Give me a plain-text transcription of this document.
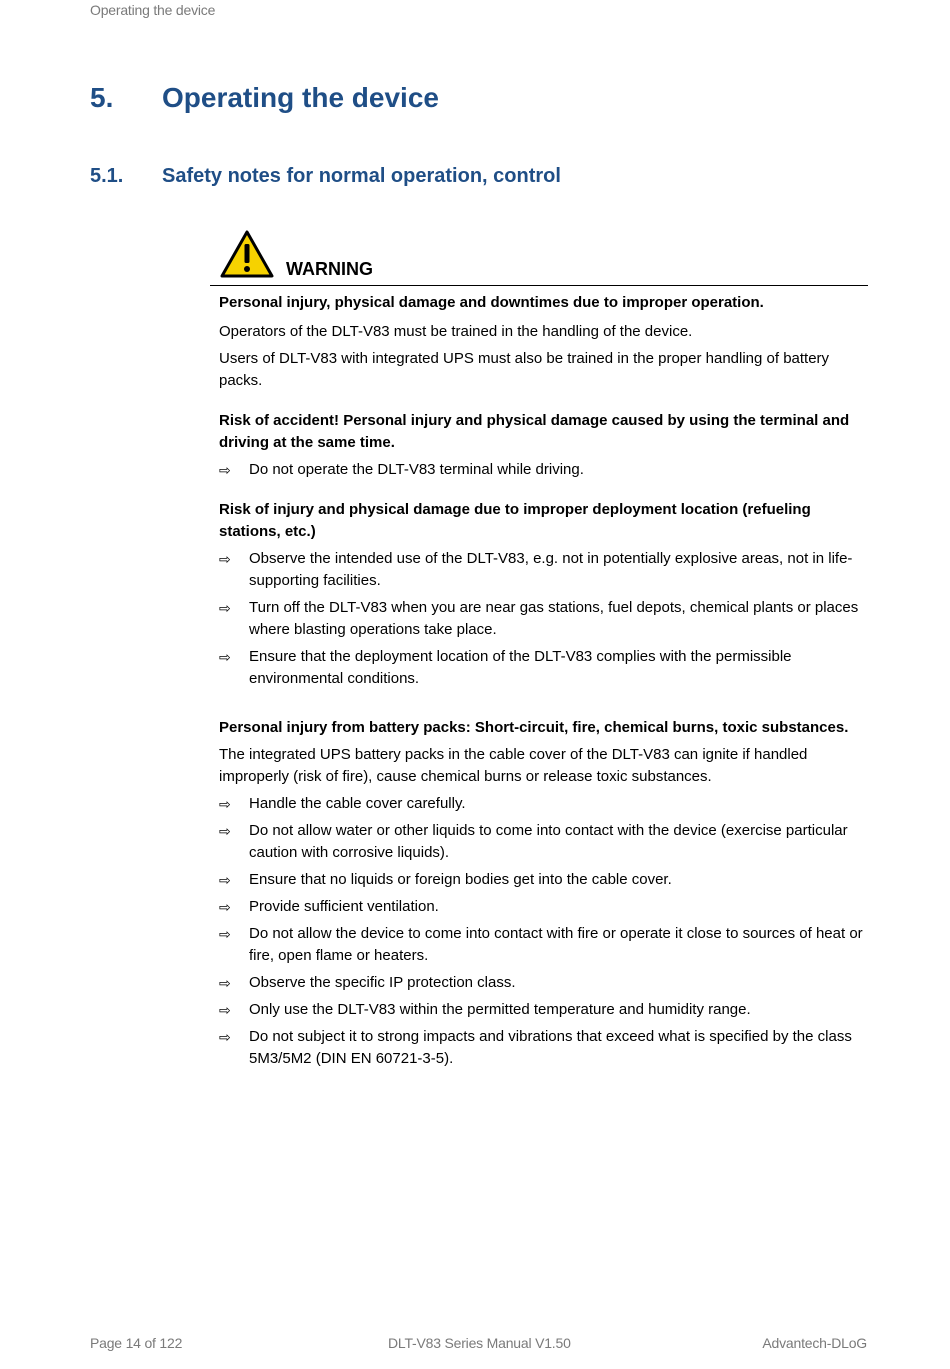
Operating the device
5. Operating the device
5.1. Safety notes for normal operation, control
WARNING

Personal injury, physical damage and downtimes due to improper operation.

Operators of the DLT-V83 must be trained in the handling of the device.

Users of DLT-V83 with integrated UPS must also be trained in the proper handling of battery packs.

Risk of accident! Personal injury and physical damage caused by using the terminal and driving at the same time.

⇨ Do not operate the DLT-V83 terminal while driving.

Risk of injury and physical damage due to improper deployment location (refueling stations, etc.)

⇨ Observe the intended use of the DLT-V83, e.g. not in potentially explosive areas, not in life-supporting facilities.
⇨ Turn off the DLT-V83 when you are near gas stations, fuel depots, chemical plants or places where blasting operations take place.
⇨ Ensure that the deployment location of the DLT-V83 complies with the permissible environmental conditions.

Personal injury from battery packs: Short-circuit, fire, chemical burns, toxic substances.

The integrated UPS battery packs in the cable cover of the DLT-V83 can ignite if handled improperly (risk of fire), cause chemical burns or release toxic substances.

⇨ Handle the cable cover carefully.
⇨ Do not allow water or other liquids to come into contact with the device (exercise particular caution with corrosive liquids).
⇨ Ensure that no liquids or foreign bodies get into the cable cover.
⇨ Provide sufficient ventilation.
⇨ Do not allow the device to come into contact with fire or operate it close to sources of heat or fire, open flame or heaters.
⇨ Observe the specific IP protection class.
⇨ Only use the DLT-V83 within the permitted temperature and humidity range.
⇨ Do not subject it to strong impacts and vibrations that exceed what is specified by the class 5M3/5M2 (DIN EN 60721-3-5).
Page 14 of 122	DLT-V83 Series Manual V1.50	Advantech-DLoG
